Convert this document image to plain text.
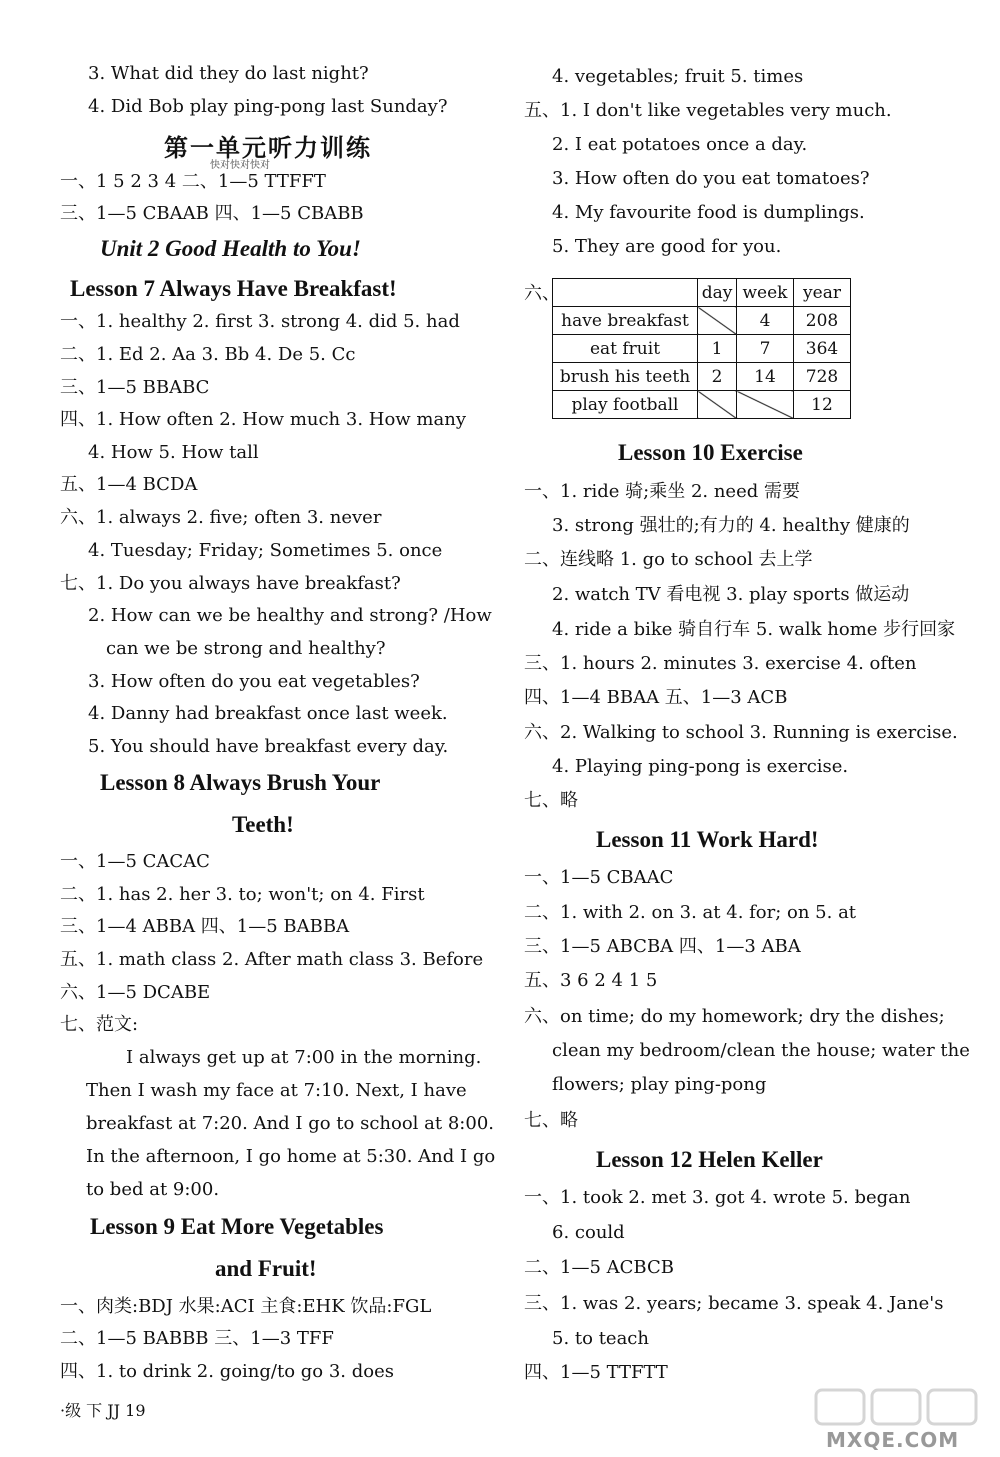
3. What did they do last night?
4. Did Bob play ping-pong last Sunday?
第一单元听力训练
快对快对快对
一、1 5 2 3 4 二、1—5 TTFFT
三、1—5 CBAAB 四、1—5 CBABB
Unit 2 Good Health to You!
Lesson 7 Always Have Breakfast!
一、1. healthy 2. first 3. strong 4. did 5. had
二、1. Ed 2. Aa 3. Bb 4. De 5. Cc
三、1—5 BBABC
四、1. How often 2. How much 3. How many
4. How 5. How tall
五、1—4 BCDA
六、1. always 2. five; often 3. never
4. Tuesday; Friday; Sometimes 5. once
七、1. Do you always have breakfast?
2. How can we be healthy and strong? /How
can we be strong and healthy?
3. How often do you eat vegetables?
4. Danny had breakfast once last week.
5. You should have breakfast every day.
Lesson 8 Always Brush Your
Teeth!
一、1—5 CACAC
二、1. has 2. her 3. to; won't; on 4. First
三、1—4 ABBA 四、1—5 BABBA
五、1. math class 2. After math class 3. Before
六、1—5 DCABE
七、范文:
I always get up at 7:00 in the morning.
Then I wash my face at 7:10. Next, I have
breakfast at 7:20. And I go to school at 8:00.
In the afternoon, I go home at 5:30. And I go
to bed at 9:00.
Lesson 9 Eat More Vegetables
and Fruit!
一、肉类:BDJ 水果:ACI 主食:EHK 饮品:FGL
二、1—5 BABBB 三、1—3 TFF
四、1. to drink 2. going/to go 3. does
·级 下 JJ 19
4. vegetables; fruit 5. times
五、1. I don't like vegetables very much.
2. I eat potatoes once a day.
3. How often do you eat tomatoes?
4. My favourite food is dumplings.
5. They are good for you.
六、
		day	week	year
have breakfast		4	208
eat fruit	1	7	364
brush his teeth	2	14	728
play football			12
Lesson 10 Exercise
一、1. ride 骑;乘坐 2. need 需要
3. strong 强壮的;有力的 4. healthy 健康的
二、连线略 1. go to school 去上学
2. watch TV 看电视 3. play sports 做运动
4. ride a bike 骑自行车 5. walk home 步行回家
三、1. hours 2. minutes 3. exercise 4. often
四、1—4 BBAA 五、1—3 ACB
六、2. Walking to school 3. Running is exercise.
4. Playing ping-pong is exercise.
七、略
Lesson 11 Work Hard!
一、1—5 CBAAC
二、1. with 2. on 3. at 4. for; on 5. at
三、1—5 ABCBA 四、1—3 ABA
五、3 6 2 4 1 5
六、on time; do my homework; dry the dishes;
clean my bedroom/clean the house; water the
flowers; play ping-pong
七、略
Lesson 12 Helen Keller
一、1. took 2. met 3. got 4. wrote 5. began
6. could
二、1—5 ACBCB
三、1. was 2. years; became 3. speak 4. Jane's
5. to teach
四、1—5 TTFTT
MXQE.COM
